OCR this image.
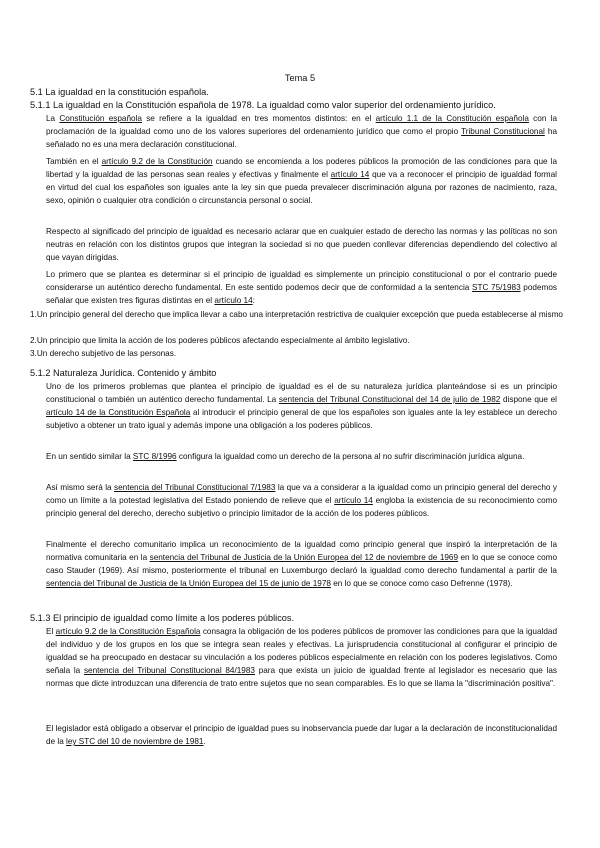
Tema 5
5.1 La igualdad en la constitución española.
5.1.1 La igualdad en la Constitución española de 1978. La igualdad como valor superior del ordenamiento jurídico.
La Constitución española se refiere a la igualdad en tres momentos distintos: en el artículo 1.1 de la Constitución española con la proclamación de la igualdad como uno de los valores superiores del ordenamiento jurídico que como el propio Tribunal Constitucional ha señalado no es una mera declaración constitucional.
También en el artículo 9.2 de la Constitución cuando se encomienda a los poderes públicos la promoción de las condiciones para que la libertad y la igualdad de las personas sean reales y efectivas y finalmente el artículo 14 que va a reconocer el principio de igualdad formal en virtud del cual los españoles son iguales ante la ley sin que pueda prevalecer discriminación alguna por razones de nacimiento, raza, sexo, opinión o cualquier otra condición o circunstancia personal o social.
Respecto al significado del principio de igualdad es necesario aclarar que en cualquier estado de derecho las normas y las políticas no son neutras en relación con los distintos grupos que integran la sociedad si no que pueden conllevar diferencias dependiendo del colectivo al que vayan dirigidas.
Lo primero que se plantea es determinar si el principio de igualdad es simplemente un principio constitucional o por el contrario puede considerarse un auténtico derecho fundamental. En este sentido podemos decir que de conformidad a la sentencia STC 75/1983 podemos señalar que existen tres figuras distintas en el artículo 14:
1.Un principio general del derecho que implica llevar a cabo una interpretación restrictiva de cualquier excepción que pueda establecerse al mismo
2.Un principio que limita la acción de los poderes públicos afectando especialmente al ámbito legislativo.
3.Un derecho subjetivo de las personas.
5.1.2 Naturaleza Jurídica. Contenido y ámbito
Uno de los primeros problemas que plantea el principio de igualdad es el de su naturaleza jurídica planteándose si es un principio constitucional o también un auténtico derecho fundamental. La sentencia del Tribunal Constitucional del 14 de julio de 1982 dispone que el artículo 14 de la Constitución Española al introducir el principio general de que los españoles son iguales ante la ley establece un derecho subjetivo a obtener un trato igual y además impone una obligación a los poderes públicos.
En un sentido similar la STC 8/1996 configura la igualdad como un derecho de la persona al no sufrir discriminación jurídica alguna.
Así mismo será la sentencia del Tribunal Constitucional 7/1983 la que va a considerar a la igualdad como un principio general del derecho y como un límite a la potestad legislativa del Estado poniendo de relieve que el artículo 14 engloba la existencia de su reconocimiento como principio general del derecho, derecho subjetivo o principio limitador de la acción de los poderes públicos.
Finalmente el derecho comunitario implica un reconocimiento de la igualdad como principio general que inspiró la interpretación de la normativa comunitaria en la sentencia del Tribunal de Justicia de la Unión Europea del 12 de noviembre de 1969 en lo que se conoce como caso Stauder (1969). Así mismo, posteriormente el tribunal en Luxemburgo declaró la igualdad como derecho fundamental a partir de la sentencia del Tribunal de Justicia de la Unión Europea del 15 de junio de 1978 en lo que se conoce como caso Defrenne (1978).
5.1.3 El principio de igualdad como límite a los poderes públicos.
El artículo 9.2 de la Constitución Española consagra la obligación de los poderes públicos de promover las condiciones para que la igualdad del individuo y de los grupos en los que se integra sean reales y efectivas. La jurisprudencia constitucional al configurar el principio de igualdad se ha preocupado en destacar su vinculación a los poderes públicos especialmente en relación con los poderes legislativos. Como señala la sentencia del Tribunal Constitucional 84/1983 para que exista un juicio de igualdad frente al legislador es necesario que las normas que dicte introduzcan una diferencia de trato entre sujetos que no sean comparables. Es lo que se llama la "discriminación positiva".
El legislador está obligado a observar el principio de igualdad pues su inobservancia puede dar lugar a la declaración de inconstitucionalidad de la ley STC del 10 de noviembre de 1981.
